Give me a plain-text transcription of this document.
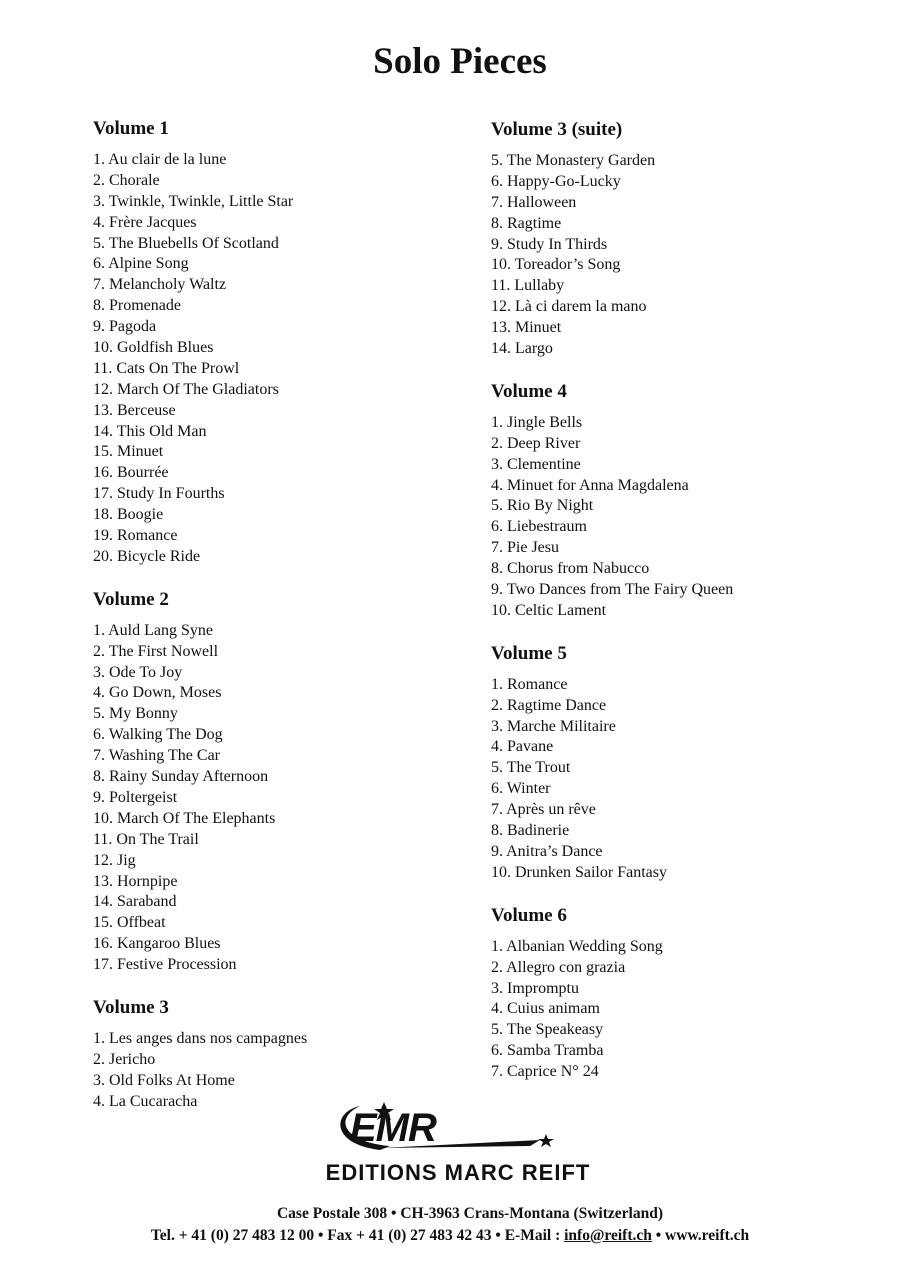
Solo Pieces
Volume 1
1. Au clair de la lune
2. Chorale
3. Twinkle, Twinkle, Little Star
4. Frère Jacques
5. The Bluebells Of Scotland
6. Alpine Song
7. Melancholy Waltz
8. Promenade
9. Pagoda
10. Goldfish Blues
11. Cats On The Prowl
12. March Of The Gladiators
13. Berceuse
14. This Old Man
15. Minuet
16. Bourrée
17. Study In Fourths
18. Boogie
19. Romance
20. Bicycle Ride
Volume 2
1. Auld Lang Syne
2. The First Nowell
3. Ode To Joy
4. Go Down, Moses
5. My Bonny
6. Walking The Dog
7. Washing The Car
8. Rainy Sunday Afternoon
9. Poltergeist
10. March Of The Elephants
11. On The Trail
12. Jig
13. Hornpipe
14. Saraband
15. Offbeat
16. Kangaroo Blues
17. Festive Procession
Volume 3
1. Les anges dans nos campagnes
2. Jericho
3. Old Folks At Home
4. La Cucaracha
Volume 3 (suite)
5. The Monastery Garden
6. Happy-Go-Lucky
7. Halloween
8. Ragtime
9. Study In Thirds
10. Toreador’s Song
11. Lullaby
12. Là ci darem la mano
13. Minuet
14. Largo
Volume 4
1. Jingle Bells
2. Deep River
3. Clementine
4. Minuet for Anna Magdalena
5. Rio By Night
6. Liebestraum
7. Pie Jesu
8. Chorus from Nabucco
9. Two Dances from The Fairy Queen
10. Celtic Lament
Volume 5
1. Romance
2. Ragtime Dance
3. Marche Militaire
4. Pavane
5. The Trout
6. Winter
7. Après un rêve
8. Badinerie
9. Anitra’s Dance
10. Drunken Sailor Fantasy
Volume 6
1. Albanian Wedding Song
2. Allegro con grazia
3. Impromptu
4. Cuius animam
5. The Speakeasy
6. Samba Tramba
7. Caprice N° 24
EMR
EDITIONS MARC REIFT
Case Postale 308 • CH-3963 Crans-Montana (Switzerland)
Tel. + 41 (0) 27 483 12 00 • Fax + 41 (0) 27 483 42 43 • E-Mail : info@reift.ch • www.reift.ch
